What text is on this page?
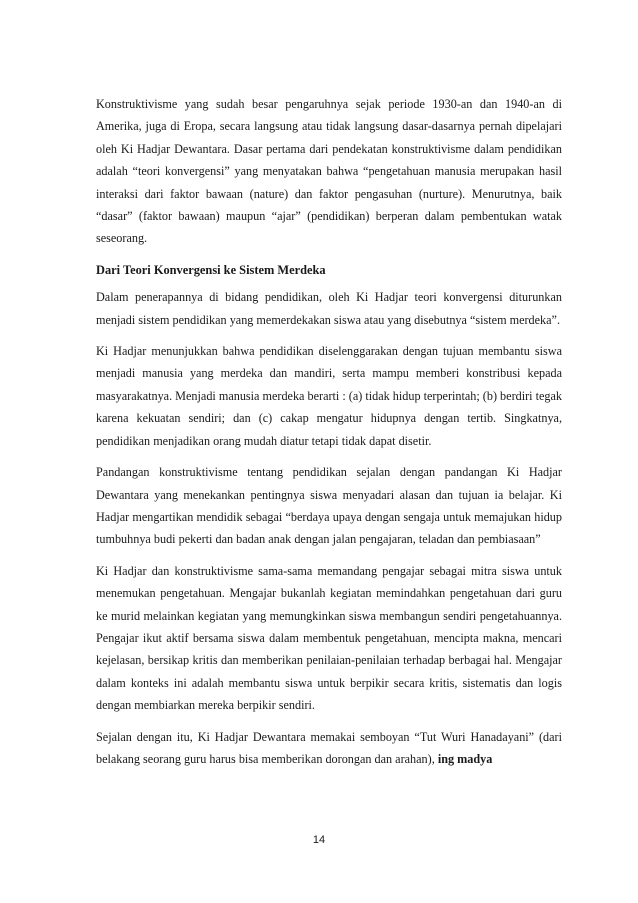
Konstruktivisme yang sudah besar pengaruhnya sejak periode 1930-an dan 1940-an di Amerika, juga di Eropa, secara langsung atau tidak langsung dasar-dasarnya pernah dipelajari oleh Ki Hadjar Dewantara. Dasar pertama dari pendekatan konstruktivisme dalam pendidikan adalah “teori konvergensi” yang menyatakan bahwa “pengetahuan manusia merupakan hasil interaksi dari faktor bawaan (nature) dan faktor pengasuhan (nurture). Menurutnya, baik “dasar” (faktor bawaan) maupun “ajar” (pendidikan) berperan dalam pembentukan watak seseorang.

Dari Teori Konvergensi ke Sistem Merdeka

Dalam penerapannya di bidang pendidikan, oleh Ki Hadjar teori konvergensi diturunkan menjadi sistem pendidikan yang memerdekakan siswa atau yang disebutnya “sistem merdeka”.

Ki Hadjar menunjukkan bahwa pendidikan diselenggarakan dengan tujuan membantu siswa menjadi manusia yang merdeka dan mandiri, serta mampu memberi konstribusi kepada masyarakatnya. Menjadi manusia merdeka berarti : (a) tidak hidup terperintah; (b) berdiri tegak karena kekuatan sendiri; dan (c) cakap mengatur hidupnya dengan tertib. Singkatnya, pendidikan menjadikan orang mudah diatur tetapi tidak dapat disetir.

Pandangan konstruktivisme tentang pendidikan sejalan dengan pandangan Ki Hadjar Dewantara yang menekankan pentingnya siswa menyadari alasan dan tujuan ia belajar. Ki Hadjar mengartikan mendidik sebagai “berdaya upaya dengan sengaja untuk memajukan hidup tumbuhnya budi pekerti dan badan anak dengan jalan pengajaran, teladan dan pembiasaan”

Ki Hadjar dan konstruktivisme sama-sama memandang pengajar sebagai mitra siswa untuk menemukan pengetahuan. Mengajar bukanlah kegiatan memindahkan pengetahuan dari guru ke murid melainkan kegiatan yang memungkinkan siswa membangun sendiri pengetahuannya. Pengajar ikut aktif bersama siswa dalam membentuk pengetahuan, mencipta makna, mencari kejelasan, bersikap kritis dan memberikan penilaian-penilaian terhadap berbagai hal. Mengajar dalam konteks ini adalah membantu siswa untuk berpikir secara kritis, sistematis dan logis dengan membiarkan mereka berpikir sendiri.

Sejalan dengan itu, Ki Hadjar Dewantara memakai semboyan “Tut Wuri Hanadayani” (dari belakang seorang guru harus bisa memberikan dorongan dan arahan), ing madya

14
